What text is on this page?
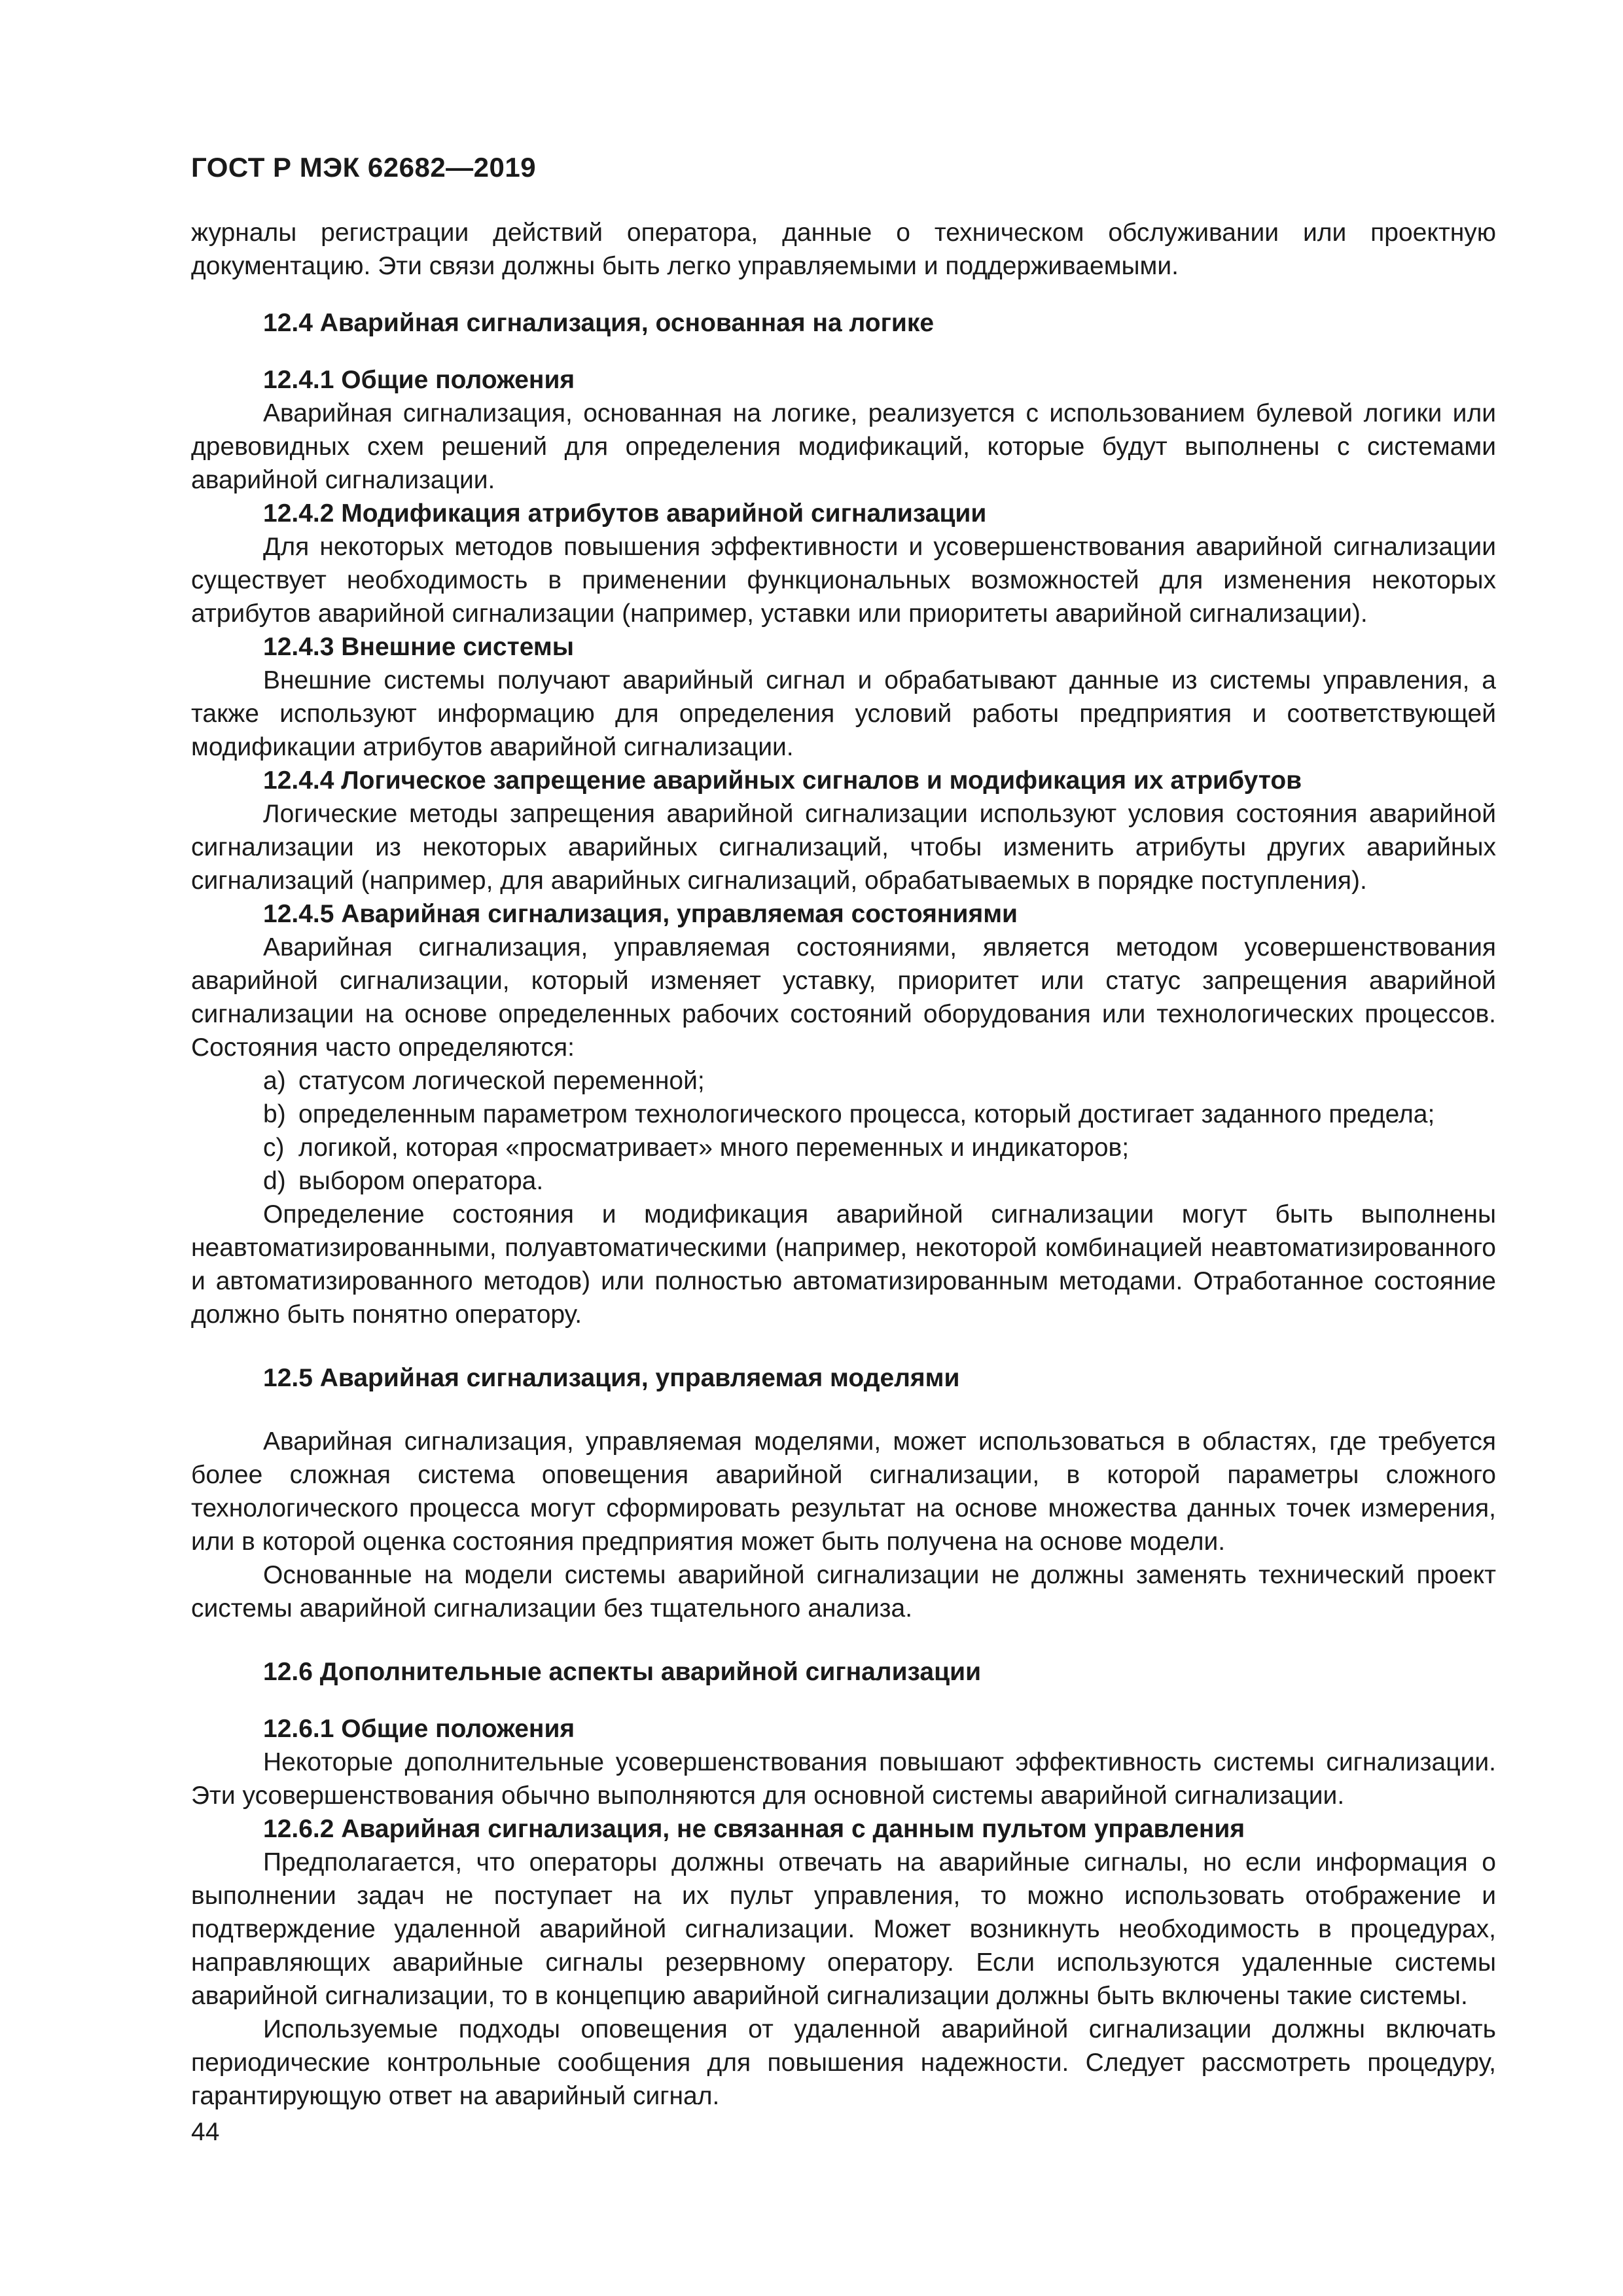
ГОСТ Р МЭК 62682—2019

журналы регистрации действий оператора, данные о техническом обслуживании или проектную документацию. Эти связи должны быть легко управляемыми и поддерживаемыми.

12.4 Аварийная сигнализация, основанная на логике

12.4.1 Общие положения

Аварийная сигнализация, основанная на логике, реализуется с использованием булевой логики или древовидных схем решений для определения модификаций, которые будут выполнены с системами аварийной сигнализации.

12.4.2 Модификация атрибутов аварийной сигнализации

Для некоторых методов повышения эффективности и усовершенствования аварийной сигнализации существует необходимость в применении функциональных возможностей для изменения некоторых атрибутов аварийной сигнализации (например, уставки или приоритеты аварийной сигнализации).

12.4.3 Внешние системы

Внешние системы получают аварийный сигнал и обрабатывают данные из системы управления, а также используют информацию для определения условий работы предприятия и соответствующей модификации атрибутов аварийной сигнализации.

12.4.4 Логическое запрещение аварийных сигналов и модификация их атрибутов

Логические методы запрещения аварийной сигнализации используют условия состояния аварийной сигнализации из некоторых аварийных сигнализаций, чтобы изменить атрибуты других аварийных сигнализаций (например, для аварийных сигнализаций, обрабатываемых в порядке поступления).

12.4.5 Аварийная сигнализация, управляемая состояниями

Аварийная сигнализация, управляемая состояниями, является методом усовершенствования аварийной сигнализации, который изменяет уставку, приоритет или статус запрещения аварийной сигнализации на основе определенных рабочих состояний оборудования или технологических процессов. Состояния часто определяются:

a) статусом логической переменной;

b) определенным параметром технологического процесса, который достигает заданного предела;

c) логикой, которая «просматривает» много переменных и индикаторов;

d) выбором оператора.

Определение состояния и модификация аварийной сигнализации могут быть выполнены неавтоматизированными, полуавтоматическими (например, некоторой комбинацией неавтоматизированного и автоматизированного методов) или полностью автоматизированным методами. Отработанное состояние должно быть понятно оператору.

12.5 Аварийная сигнализация, управляемая моделями

Аварийная сигнализация, управляемая моделями, может использоваться в областях, где требуется более сложная система оповещения аварийной сигнализации, в которой параметры сложного технологического процесса могут сформировать результат на основе множества данных точек измерения, или в которой оценка состояния предприятия может быть получена на основе модели.

Основанные на модели системы аварийной сигнализации не должны заменять технический проект системы аварийной сигнализации без тщательного анализа.

12.6 Дополнительные аспекты аварийной сигнализации

12.6.1 Общие положения

Некоторые дополнительные усовершенствования повышают эффективность системы сигнализации. Эти усовершенствования обычно выполняются для основной системы аварийной сигнализации.

12.6.2 Аварийная сигнализация, не связанная с данным пультом управления

Предполагается, что операторы должны отвечать на аварийные сигналы, но если информация о выполнении задач не поступает на их пульт управления, то можно использовать отображение и подтверждение удаленной аварийной сигнализации. Может возникнуть необходимость в процедурах, направляющих аварийные сигналы резервному оператору. Если используются удаленные системы аварийной сигнализации, то в концепцию аварийной сигнализации должны быть включены такие системы.

Используемые подходы оповещения от удаленной аварийной сигнализации должны включать периодические контрольные сообщения для повышения надежности. Следует рассмотреть процедуру, гарантирующую ответ на аварийный сигнал.

44
